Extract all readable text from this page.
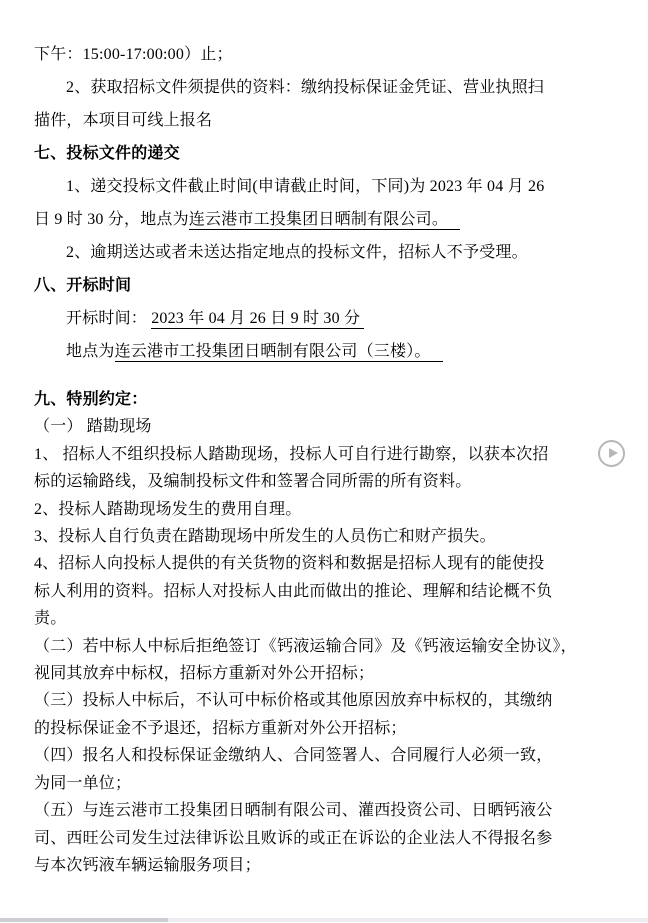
下午：15:00-17:00:00）止；
2、获取招标文件须提供的资料：缴纳投标保证金凭证、营业执照扫
描件，本项目可线上报名
七、投标文件的递交
1、递交投标文件截止时间(申请截止时间，下同)为 2023 年 04 月 26
日 9 时 30 分，地点为连云港市工投集团日晒制有限公司。
2、逾期送达或者未送达指定地点的投标文件，招标人不予受理。
八、开标时间
开标时间： 2023 年 04 月 26 日 9 时 30 分
地点为连云港市工投集团日晒制有限公司（三楼）。
九、特别约定：
（一） 踏勘现场
1、 招标人不组织投标人踏勘现场，投标人可自行进行勘察，以获本次招
标的运输路线，及编制投标文件和签署合同所需的所有资料。
2、投标人踏勘现场发生的费用自理。
3、投标人自行负责在踏勘现场中所发生的人员伤亡和财产损失。
4、招标人向投标人提供的有关货物的资料和数据是招标人现有的能使投
标人利用的资料。招标人对投标人由此而做出的推论、理解和结论概不负
责。
（二）若中标人中标后拒绝签订《钙液运输合同》及《钙液运输安全协议》，
视同其放弃中标权，招标方重新对外公开招标；
（三）投标人中标后，不认可中标价格或其他原因放弃中标权的，其缴纳
的投标保证金不予退还，招标方重新对外公开招标；
（四）报名人和投标保证金缴纳人、合同签署人、合同履行人必须一致，
为同一单位；
（五）与连云港市工投集团日晒制有限公司、灌西投资公司、日晒钙液公
司、西旺公司发生过法律诉讼且败诉的或正在诉讼的企业法人不得报名参
与本次钙液车辆运输服务项目；
